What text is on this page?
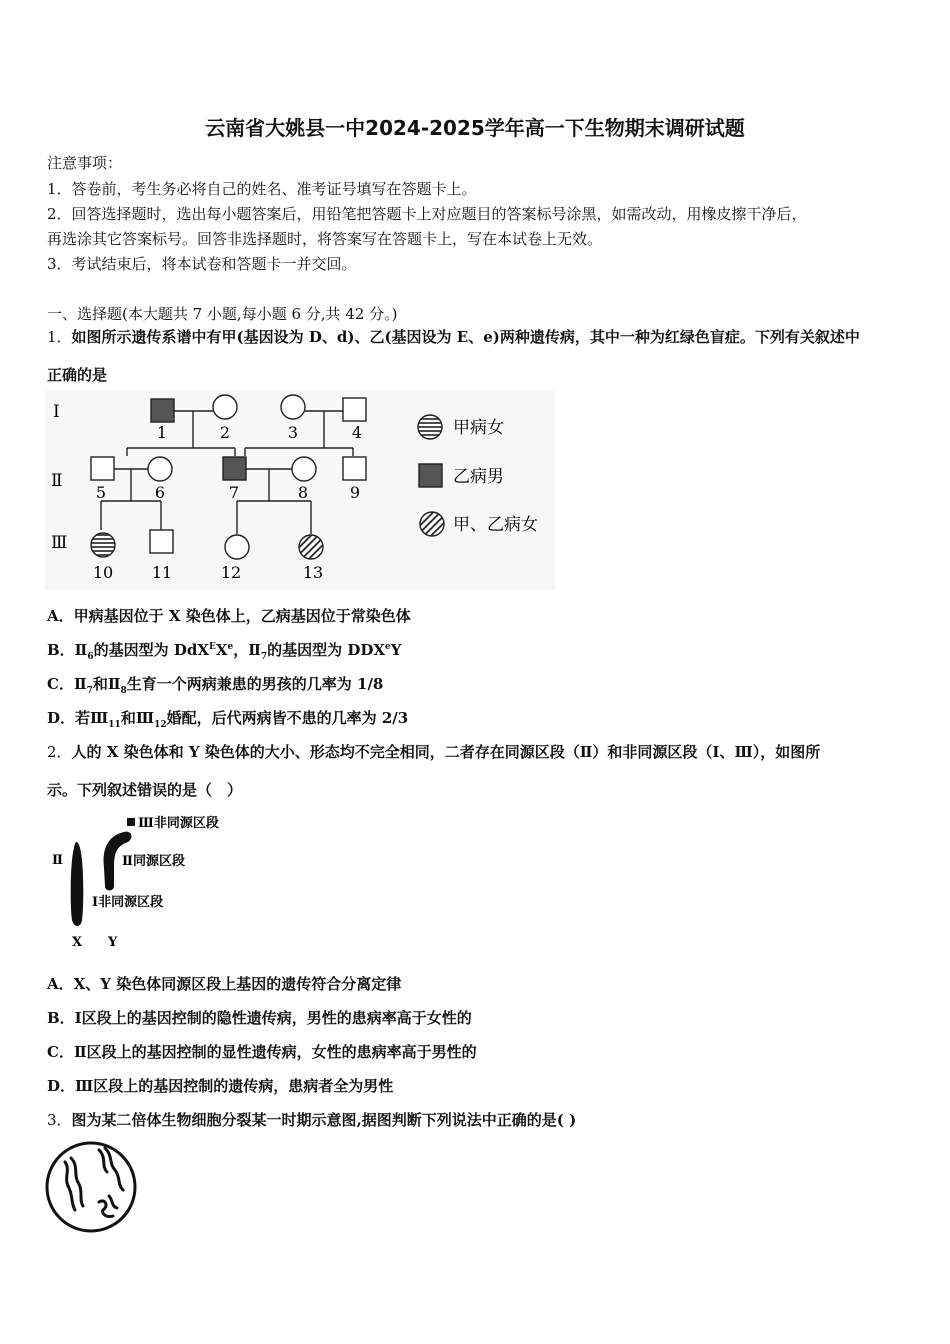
云南省大姚县一中2024-2025学年高一下生物期末调研试题
注意事项：
1．答卷前，考生务必将自己的姓名、准考证号填写在答题卡上。
2．回答选择题时，选出每小题答案后，用铅笔把答题卡上对应题目的答案标号涂黑，如需改动，用橡皮擦干净后，
再选涂其它答案标号。回答非选择题时，将答案写在答题卡上，写在本试卷上无效。
3．考试结束后，将本试卷和答题卡一并交回。
一、选择题(本大题共 7 小题,每小题 6 分,共 42 分。)
1．如图所示遗传系谱中有甲(基因设为 D、d)、乙(基因设为 E、e)两种遗传病，其中一种为红绿色盲症。下列有关叙述中
正确的是
Ⅰ
Ⅱ
Ⅲ
1	2	3	4
5	6	7	8	9
10 11	12	13
甲病女
乙病男
甲、乙病女
A．甲病基因位于 X 染色体上，乙病基因位于常染色体
B．$Ⅱ_6$的基因型为 DdX$^E$Xe，$Ⅱ_7$的基因型为 DDXeY
C．$Ⅱ_7$和$Ⅱ_8$生育一个两病兼患的男孩的几率为 1/8
D．若$Ⅲ_{11}$和$Ⅲ_{12}$婚配，后代两病皆不患的几率为 2/3
2．人的 X 染色体和 Y 染色体的大小、形态均不完全相同，二者存在同源区段（Ⅱ）和非同源区段（Ⅰ、Ⅲ），如图所
示。下列叙述错误的是（　）
Ⅱ
Ⅲ非同源区段
Ⅱ同源区段
Ⅰ非同源区段
X Y
A．X、Y 染色体同源区段上基因的遗传符合分离定律
B．Ⅰ区段上的基因控制的隐性遗传病，男性的患病率高于女性的
C．Ⅱ区段上的基因控制的显性遗传病，女性的患病率高于男性的
D．Ⅲ区段上的基因控制的遗传病，患病者全为男性
3．图为某二倍体生物细胞分裂某一时期示意图,据图判断下列说法中正确的是( )
